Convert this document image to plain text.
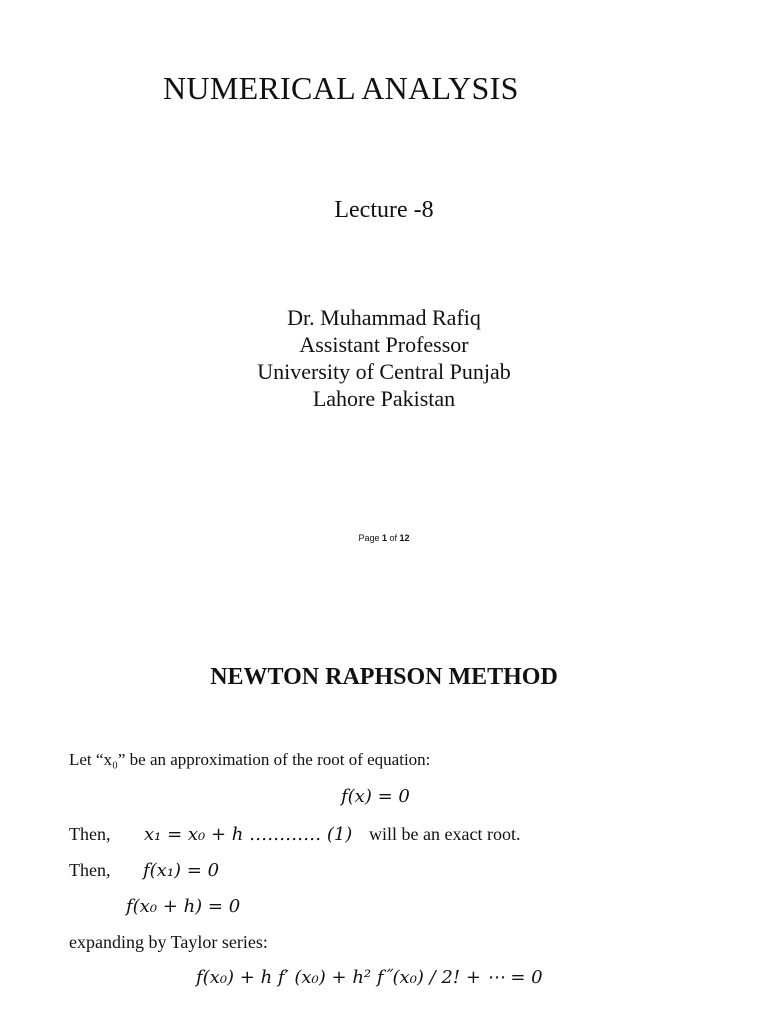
NUMERICAL ANALYSIS
Lecture -8
Dr. Muhammad Rafiq
Assistant Professor
University of Central Punjab
Lahore Pakistan
Page 1 of 12
NEWTON RAPHSON METHOD
Let “x₀” be an approximation of the root of equation:
f(x) = 0
Then, x₁ = x₀ + h ………… (1) will be an exact root.
Then, f(x₁) = 0
f(x₀ + h) = 0
expanding by Taylor series:
f(x₀) + h f′ (x₀) + h² f˝(x₀) / 2! + ⋯ = 0
